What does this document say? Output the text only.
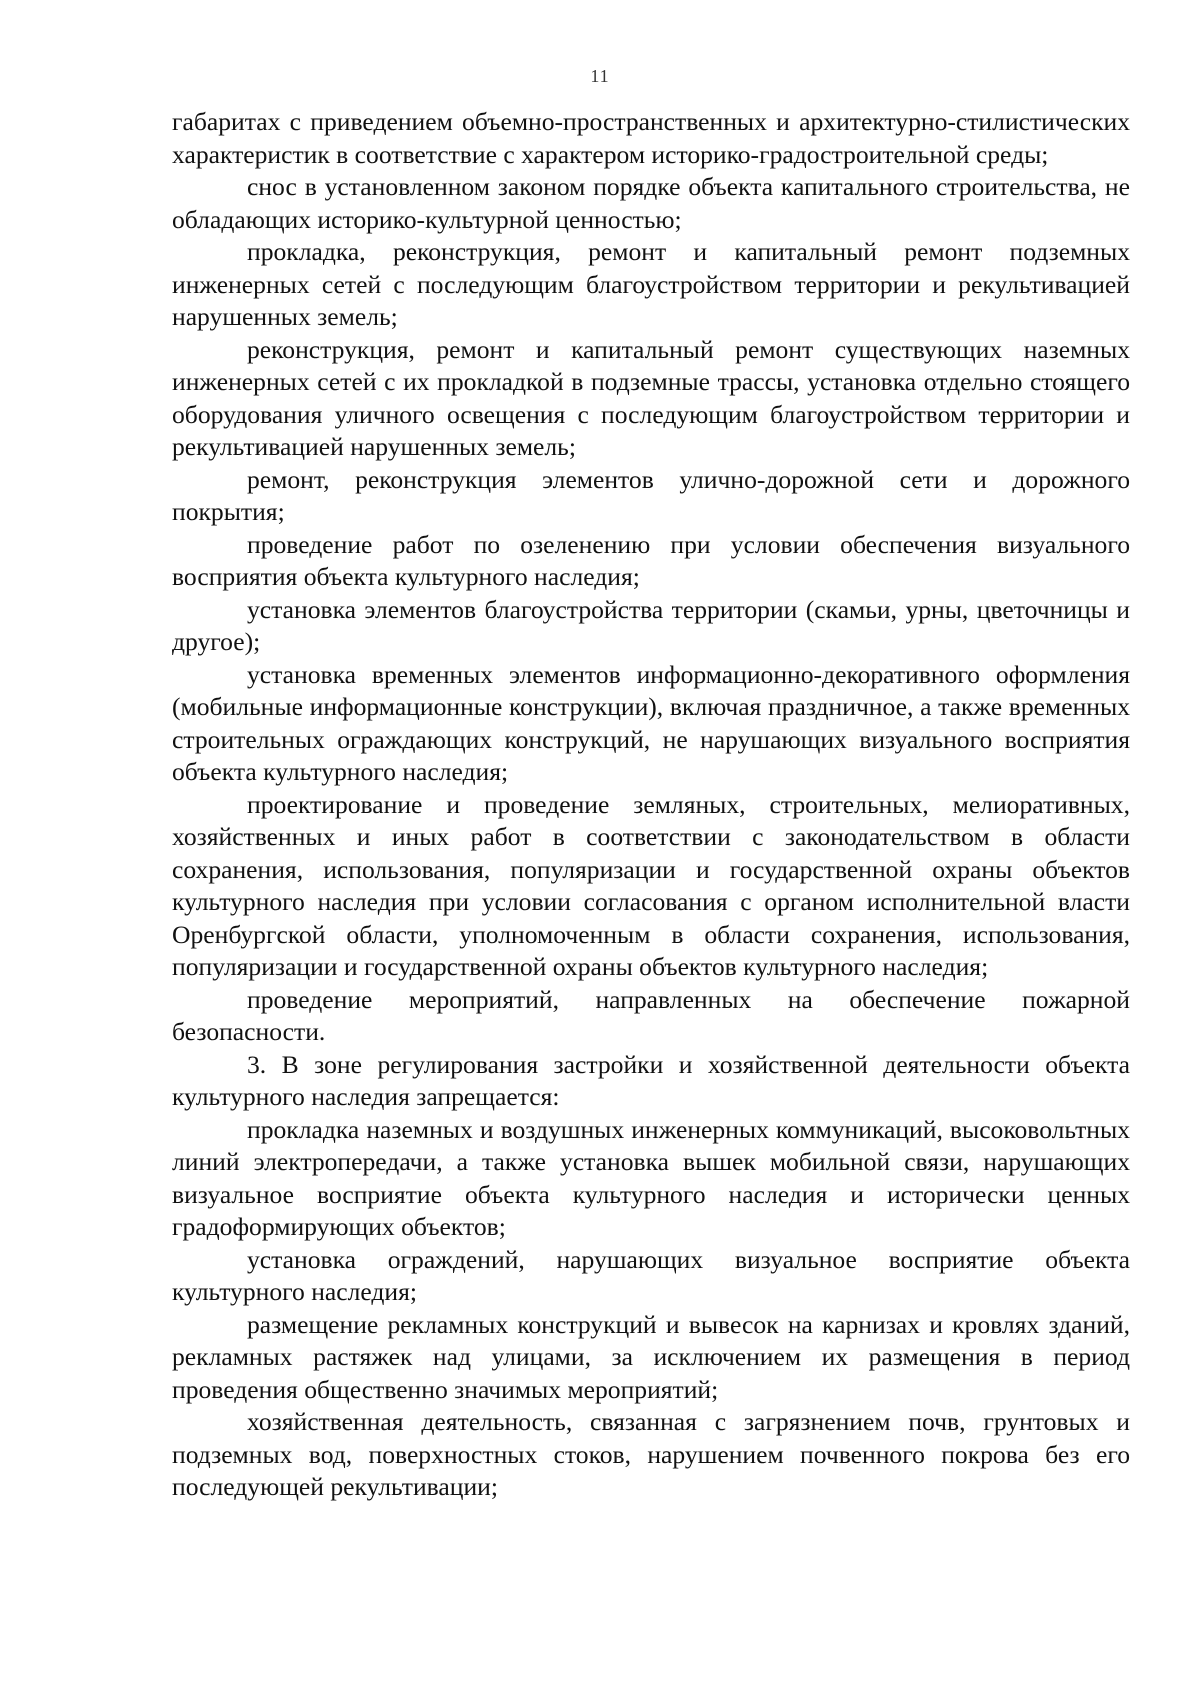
11

габаритах с приведением объемно-пространственных и архитектурно-стилистических характеристик в соответствие с характером историко-градостроительной среды;

снос в установленном законом порядке объекта капитального строительства, не обладающих историко-культурной ценностью;

прокладка, реконструкция, ремонт и капитальный ремонт подземных инженерных сетей с последующим благоустройством территории и рекультивацией нарушенных земель;

реконструкция, ремонт и капитальный ремонт существующих наземных инженерных сетей с их прокладкой в подземные трассы, установка отдельно стоящего оборудования уличного освещения с последующим благоустройством территории и рекультивацией нарушенных земель;

ремонт, реконструкция элементов улично-дорожной сети и дорожного покрытия;

проведение работ по озеленению при условии обеспечения визуального восприятия объекта культурного наследия;

установка элементов благоустройства территории (скамьи, урны, цветочницы и другое);

установка временных элементов информационно-декоративного оформления (мобильные информационные конструкции), включая праздничное, а также временных строительных ограждающих конструкций, не нарушающих визуального восприятия объекта культурного наследия;

проектирование и проведение земляных, строительных, мелиоративных, хозяйственных и иных работ в соответствии с законодательством в области сохранения, использования, популяризации и государственной охраны объектов культурного наследия при условии согласования с органом исполнительной власти Оренбургской области, уполномоченным в области сохранения, использования, популяризации и государственной охраны объектов культурного наследия;

проведение мероприятий, направленных на обеспечение пожарной безопасности.

3. В зоне регулирования застройки и хозяйственной деятельности объекта культурного наследия запрещается:

прокладка наземных и воздушных инженерных коммуникаций, высоковольтных линий электропередачи, а также установка вышек мобильной связи, нарушающих визуальное восприятие объекта культурного наследия и исторически ценных градоформирующих объектов;

установка ограждений, нарушающих визуальное восприятие объекта культурного наследия;

размещение рекламных конструкций и вывесок на карнизах и кровлях зданий, рекламных растяжек над улицами, за исключением их размещения в период проведения общественно значимых мероприятий;

хозяйственная деятельность, связанная с загрязнением почв, грунтовых и подземных вод, поверхностных стоков, нарушением почвенного покрова без его последующей рекультивации;
